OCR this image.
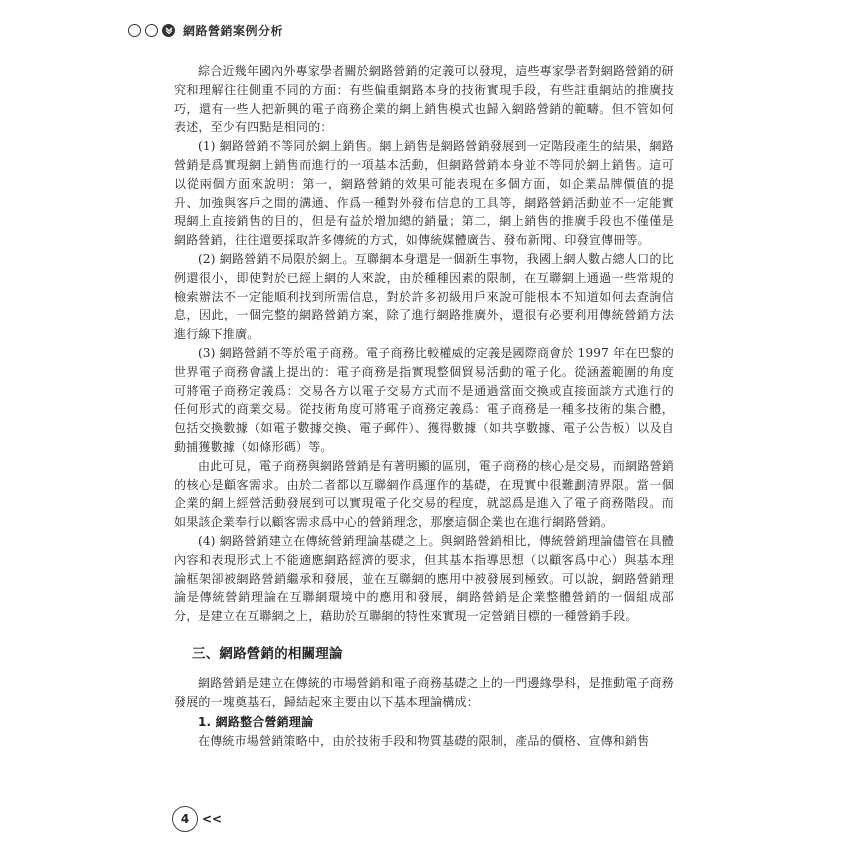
網路營銷案例分析

綜合近幾年國內外專家學者關於網路營銷的定義可以發現，這些專家學者對網路營銷的研究和理解往往側重不同的方面：有些偏重網路本身的技術實現手段，有些註重網站的推廣技巧，還有一些人把新興的電子商務企業的網上銷售模式也歸入網路營銷的範疇。但不管如何表述，至少有四點是相同的：

(1) 網路營銷不等同於網上銷售。網上銷售是網路營銷發展到一定階段產生的結果，網路營銷是爲實現網上銷售而進行的一項基本活動，但網路營銷本身並不等同於網上銷售。這可以從兩個方面來說明：第一，網路營銷的效果可能表現在多個方面，如企業品牌價值的提升、加強與客戶之間的溝通、作爲一種對外發布信息的工具等，網路營銷活動並不一定能實現網上直接銷售的目的，但是有益於增加總的銷量；第二，網上銷售的推廣手段也不僅僅是網路營銷，往往還要採取許多傳統的方式，如傳統媒體廣告、發布新聞、印發宣傳冊等。

(2) 網路營銷不局限於網上。互聯網本身還是一個新生事物，我國上網人數占總人口的比例還很小，即使對於已經上網的人來說，由於種種因素的限制，在互聯網上通過一些常規的檢索辦法不一定能順利找到所需信息，對於許多初級用戶來說可能根本不知道如何去查詢信息，因此，一個完整的網路營銷方案，除了進行網路推廣外，還很有必要利用傳統營銷方法進行線下推廣。

(3) 網路營銷不等於電子商務。電子商務比較權威的定義是國際商會於 1997 年在巴黎的世界電子商務會議上提出的：電子商務是指實現整個貿易活動的電子化。從涵蓋範圍的角度可將電子商務定義爲：交易各方以電子交易方式而不是通過當面交換或直接面談方式進行的任何形式的商業交易。從技術角度可將電子商務定義爲：電子商務是一種多技術的集合體，包括交換數據（如電子數據交換、電子郵件）、獲得數據（如共享數據、電子公告板）以及自動捕獲數據（如條形碼）等。

由此可見，電子商務與網路營銷是有著明顯的區別，電子商務的核心是交易，而網路營銷的核心是顧客需求。由於二者都以互聯網作爲運作的基礎，在現實中很難劃清界限。當一個企業的網上經營活動發展到可以實現電子化交易的程度，就認爲是進入了電子商務階段。而如果該企業奉行以顧客需求爲中心的營銷理念，那麼這個企業也在進行網路營銷。

(4) 網路營銷建立在傳統營銷理論基礎之上。與網路營銷相比，傳統營銷理論儘管在具體內容和表現形式上不能適應網路經濟的要求，但其基本指導思想（以顧客爲中心）與基本理論框架卻被網路營銷繼承和發展，並在互聯網的應用中被發展到極致。可以說，網路營銷理論是傳統營銷理論在互聯網環境中的應用和發展，網路營銷是企業整體營銷的一個組成部分，是建立在互聯網之上，藉助於互聯網的特性來實現一定營銷目標的一種營銷手段。

三、網路營銷的相關理論

網路營銷是建立在傳統的市場營銷和電子商務基礎之上的一門邊緣學科，是推動電子商務發展的一塊奠基石，歸結起來主要由以下基本理論構成：

1. 網路整合營銷理論

在傳統市場營銷策略中，由於技術手段和物質基礎的限制，產品的價格、宣傳和銷售

4	<<
